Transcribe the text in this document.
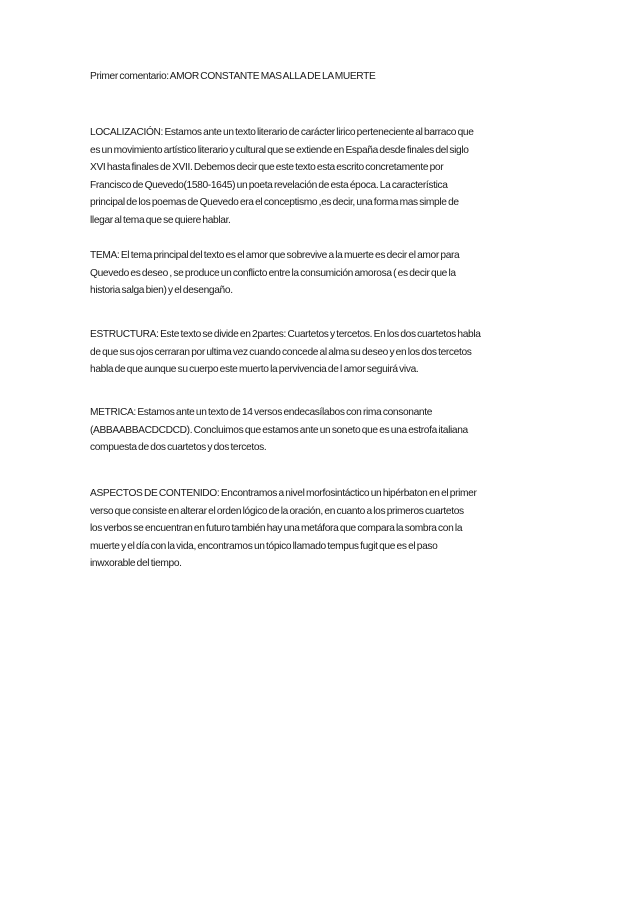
Primer comentario: AMOR CONSTANTE MAS ALLA DE LA MUERTE
LOCALIZACIÓN: Estamos ante un texto literario de carácter lirico perteneciente al barraco que
es un movimiento artístico literario y cultural que se extiende en España desde finales del siglo
XVI hasta finales de XVII. Debemos decir que este texto esta escrito concretamente por
Francisco de Quevedo(1580-1645) un poeta revelación de esta época. La característica
principal de los poemas de Quevedo era el conceptismo ,es decir, una forma mas simple de
llegar al tema que se quiere hablar.
TEMA: El tema principal del texto es el amor que sobrevive a la muerte es decir el amor para
Quevedo es deseo , se produce un conflicto entre la consumición amorosa ( es decir que la
historia salga bien) y el desengaño.
ESTRUCTURA: Este texto se divide en 2partes: Cuartetos y tercetos. En los dos cuartetos habla
de que sus ojos cerraran por ultima vez cuando concede al alma su deseo y en los dos tercetos
habla de que aunque su cuerpo este muerto la pervivencia de l amor seguirá viva.
METRICA: Estamos ante un texto de 14 versos endecasílabos con rima consonante
(ABBAABBACDCDCD). Concluimos que estamos ante un soneto que es una estrofa italiana
compuesta de dos cuartetos y dos tercetos.
ASPECTOS DE CONTENIDO: Encontramos a nivel morfosintáctico un hipérbaton en el primer
verso que consiste en alterar el orden lógico de la oración, en cuanto a los primeros cuartetos
los verbos se encuentran en futuro también hay una metáfora que compara la sombra con la
muerte y el día con la vida, encontramos un tópico llamado tempus fugit que es el paso
inwxorable del tiempo.
